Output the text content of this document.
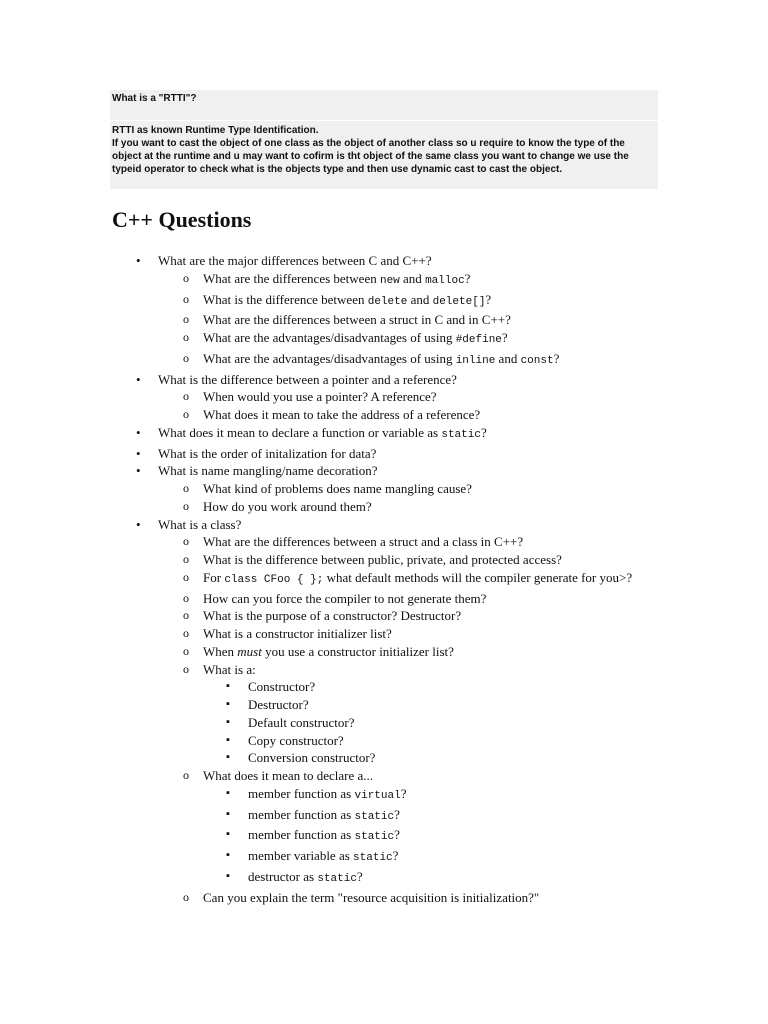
What is a "RTTI"?

RTTI as known Runtime Type Identification.

If you want to cast the object of one class as the object of another class so u require to know the type of the object at the runtime and u may want to cofirm is tht object of the same class you want to change we use the typeid operator to check what is the objects type and then use dynamic cast to cast the object.

C++ Questions
• What are the major differences between C and C++?
o What are the differences between new and malloc?
o What is the difference between delete and delete[]?
o What are the differences between a struct in C and in C++?
o What are the advantages/disadvantages of using #define?
o What are the advantages/disadvantages of using inline and const?
• What is the difference between a pointer and a reference?
o When would you use a pointer? A reference?
o What does it mean to take the address of a reference?
• What does it mean to declare a function or variable as static?
• What is the order of initalization for data?
• What is name mangling/name decoration?
o What kind of problems does name mangling cause?
o How do you work around them?
• What is a class?
o What are the differences between a struct and a class in C++?
o What is the difference between public, private, and protected access?
o For class CFoo { }; what default methods will the compiler generate for you>?
o How can you force the compiler to not generate them?
o What is the purpose of a constructor? Destructor?
o What is a constructor initializer list?
o When must you use a constructor initializer list?
o What is a:
▪ Constructor?
▪ Destructor?
▪ Default constructor?
▪ Copy constructor?
▪ Conversion constructor?
o What does it mean to declare a...
▪ member function as virtual?
▪ member function as static?
▪ member function as static?
▪ member variable as static?
▪ destructor as static?
o Can you explain the term "resource acquisition is initialization?"
